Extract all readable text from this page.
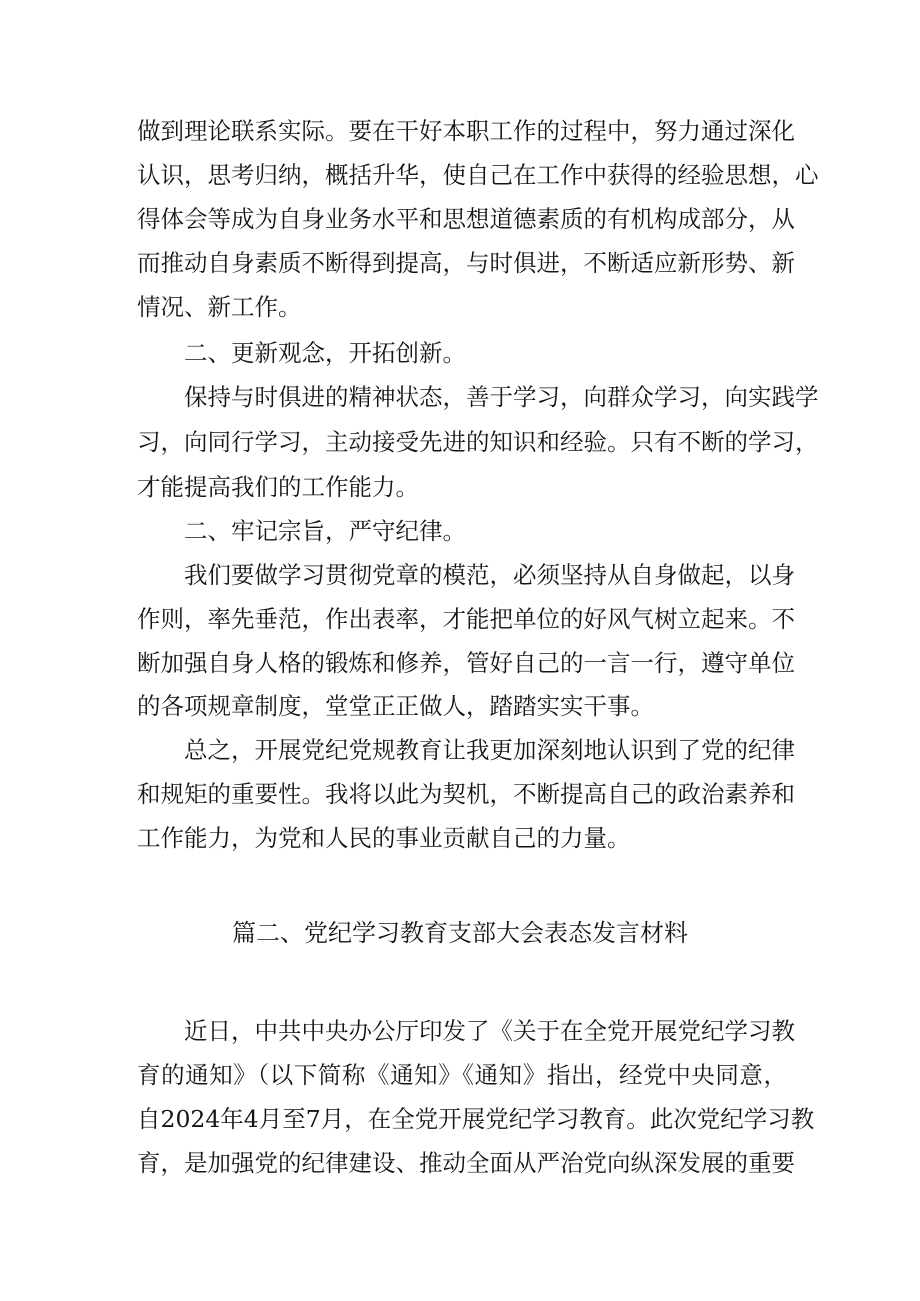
做到理论联系实际。要在干好本职工作的过程中，努力通过深化
认识，思考归纳，概括升华，使自己在工作中获得的经验思想，心
得体会等成为自身业务水平和思想道德素质的有机构成部分，从
而推动自身素质不断得到提高，与时俱进，不断适应新形势、新
情况、新工作。
二、更新观念，开拓创新。
保持与时俱进的精神状态，善于学习，向群众学习，向实践学
习，向同行学习，主动接受先进的知识和经验。只有不断的学习，
才能提高我们的工作能力。
二、牢记宗旨，严守纪律。
我们要做学习贯彻党章的模范，必须坚持从自身做起，以身
作则，率先垂范，作出表率，才能把单位的好风气树立起来。不
断加强自身人格的锻炼和修养，管好自己的一言一行，遵守单位
的各项规章制度，堂堂正正做人，踏踏实实干事。
总之，开展党纪党规教育让我更加深刻地认识到了党的纪律
和规矩的重要性。我将以此为契机，不断提高自己的政治素养和
工作能力，为党和人民的事业贡献自己的力量。
篇二、党纪学习教育支部大会表态发言材料
近日，中共中央办公厅印发了《关于在全党开展党纪学习教
育的通知》（以下简称《通知》《通知》指出，经党中央同意，
自2024年4月至7月，在全党开展党纪学习教育。此次党纪学习教
育，是加强党的纪律建设、推动全面从严治党向纵深发展的重要
